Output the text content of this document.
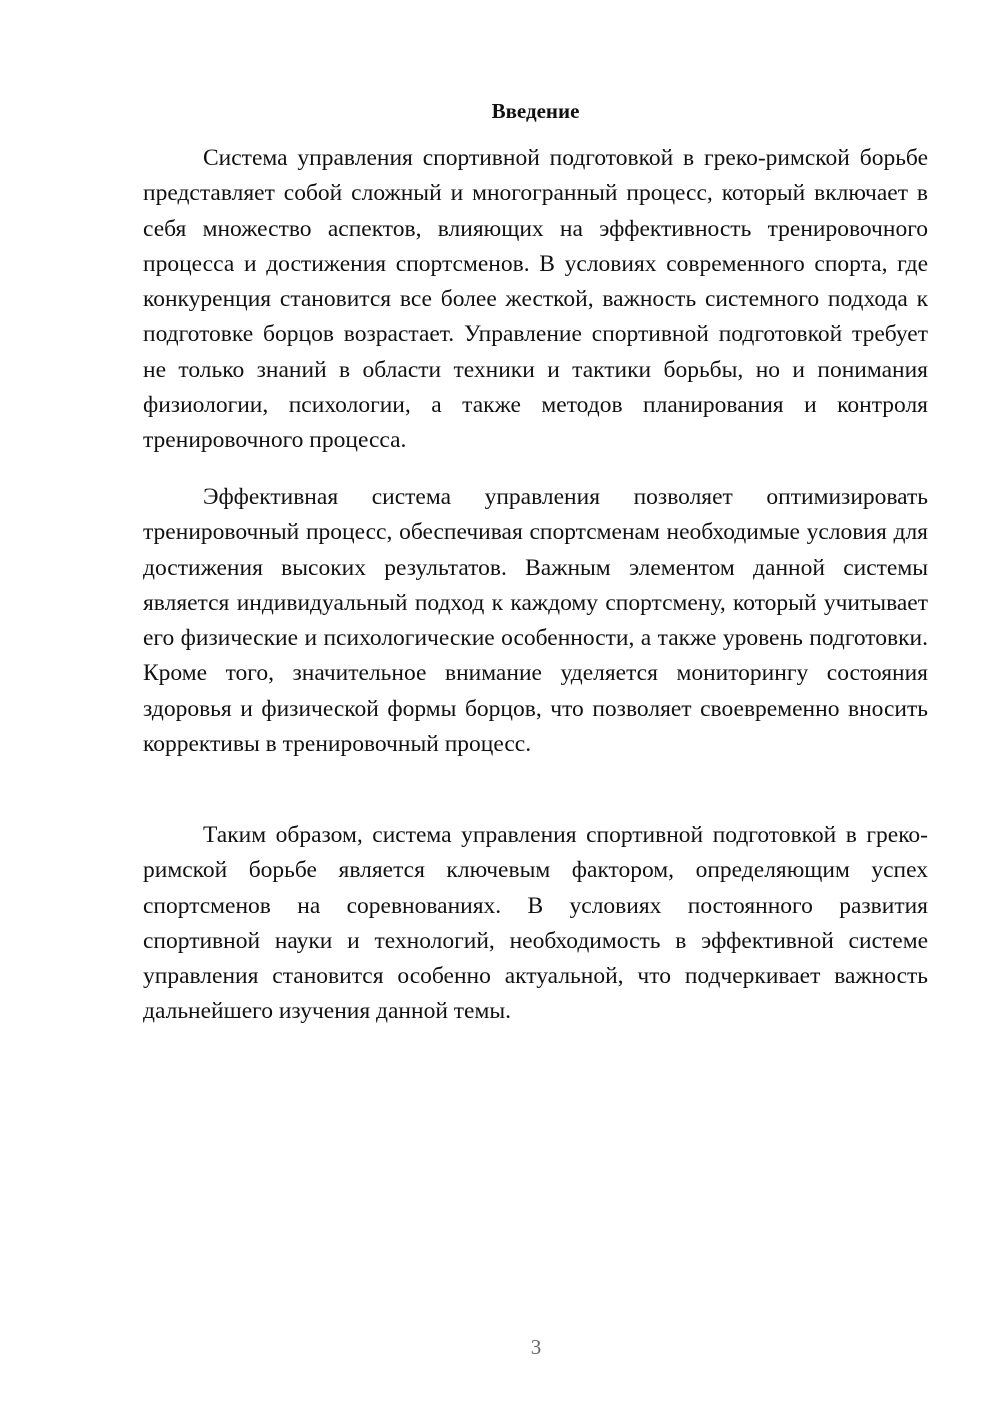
Введение

Система управления спортивной подготовкой в греко-римской борьбе представляет собой сложный и многогранный процесс, который включает в себя множество аспектов, влияющих на эффективность тренировочного процесса и достижения спортсменов. В условиях современного спорта, где конкуренция становится все более жесткой, важность системного подхода к подготовке борцов возрастает. Управление спортивной подготовкой требует не только знаний в области техники и тактики борьбы, но и понимания физиологии, психологии, а также методов планирования и контроля тренировочного процесса.

Эффективная система управления позволяет оптимизировать тренировочный процесс, обеспечивая спортсменам необходимые условия для достижения высоких результатов. Важным элементом данной системы является индивидуальный подход к каждому спортсмену, который учитывает его физические и психологические особенности, а также уровень подготовки. Кроме того, значительное внимание уделяется мониторингу состояния здоровья и физической формы борцов, что позволяет своевременно вносить коррективы в тренировочный процесс.

Таким образом, система управления спортивной подготовкой в греко-римской борьбе является ключевым фактором, определяющим успех спортсменов на соревнованиях. В условиях постоянного развития спортивной науки и технологий, необходимость в эффективной системе управления становится особенно актуальной, что подчеркивает важность дальнейшего изучения данной темы.

3
